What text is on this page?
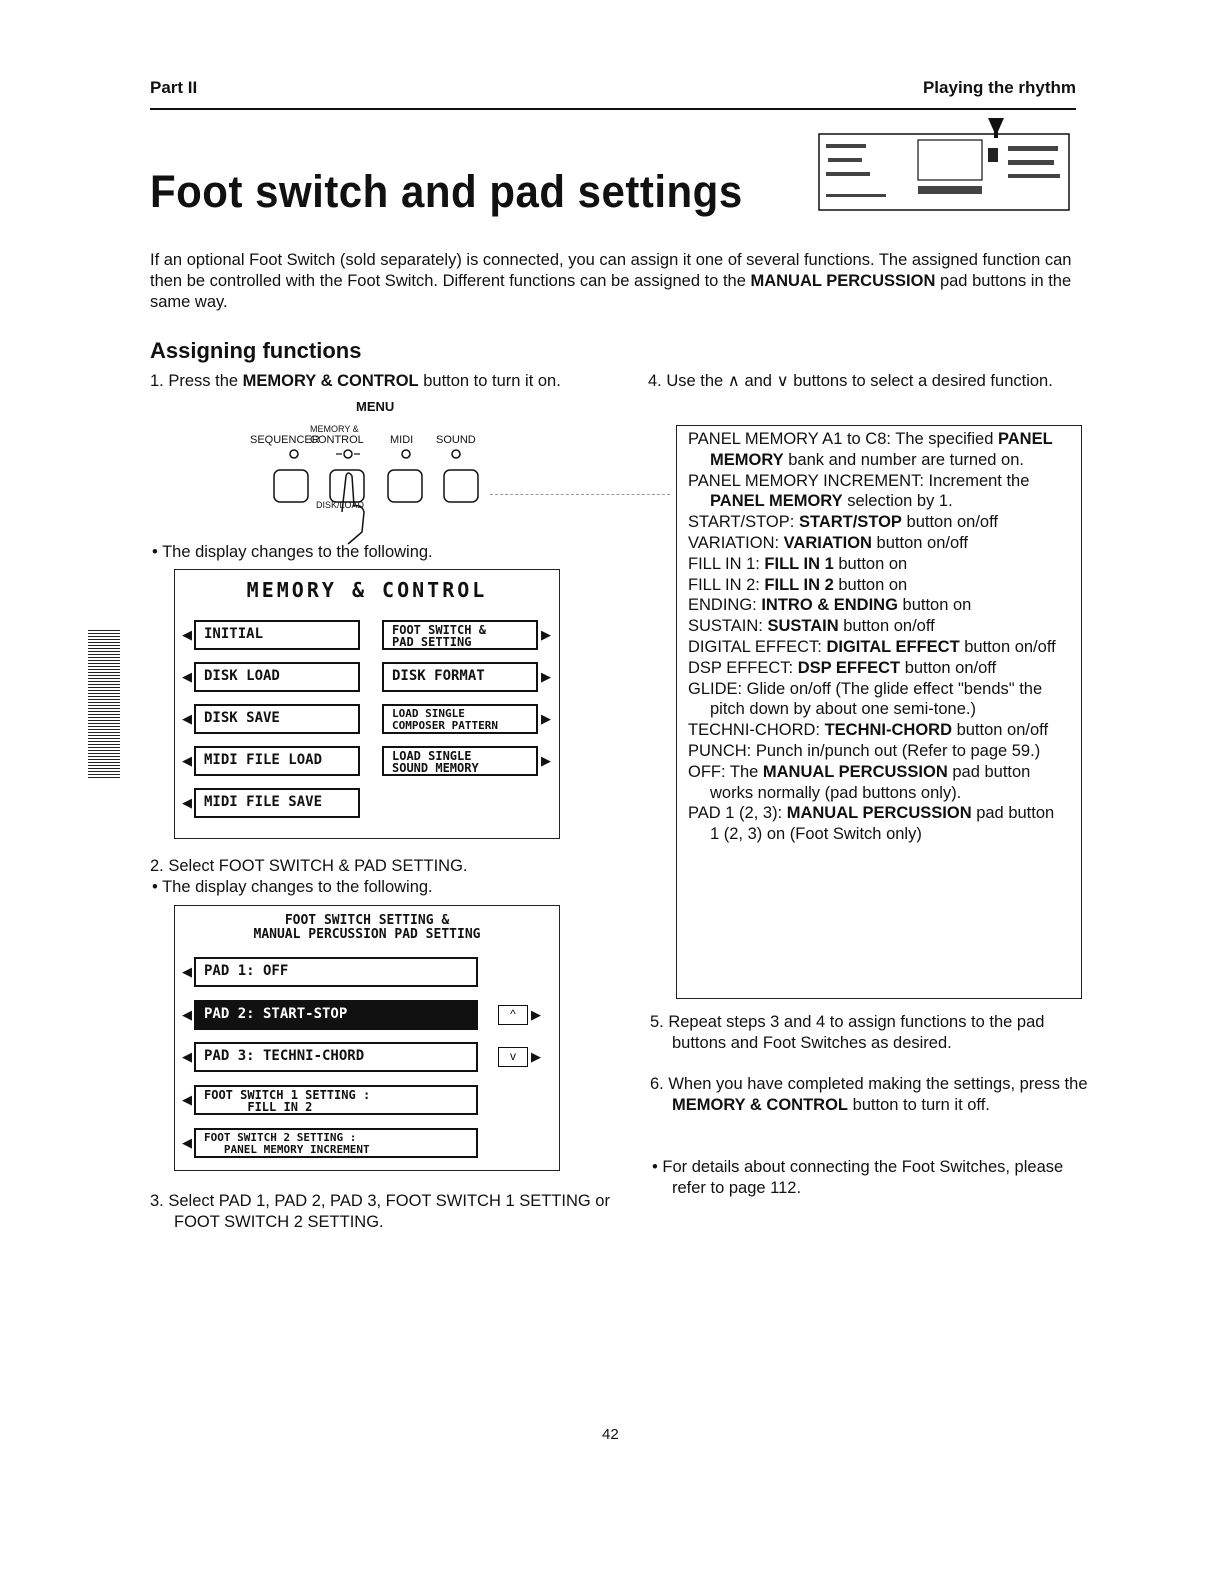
Part II	Playing the rhythm
Foot switch and pad settings
If an optional Foot Switch (sold separately) is connected, you can assign it one of several functions. The assigned function can then be controlled with the Foot Switch. Different functions can be assigned to the MANUAL PERCUSSION pad buttons in the same way.
Assigning functions
1. Press the MEMORY & CONTROL button to turn it on.
MENU
MEMORY &
SEQUENCER
CONTROL MIDI SOUND
DISK/LOAD
• The display changes to the following.
MEMORY & CONTROL
◀ INITIAL
◀ DISK LOAD
◀ DISK SAVE
◀ MIDI FILE LOAD
◀ MIDI FILE SAVE
FOOT SWITCH &
PAD SETTING	▶
DISK FORMAT	▶
LOAD SINGLE
COMPOSER PATTERN	▶
LOAD SINGLE
SOUND MEMORY	▶
2. Select FOOT SWITCH & PAD SETTING.
• The display changes to the following.
FOOT SWITCH SETTING &
MANUAL PERCUSSION PAD SETTING
◀ PAD 1: OFF
◀ PAD 2: START-STOP	^	▶
◀ PAD 3: TECHNI-CHORD	v	▶
◀	FOOT SWITCH 1 SETTING :
FILL IN 2
◀	FOOT SWITCH 2 SETTING :
PANEL MEMORY INCREMENT
3. Select PAD 1, PAD 2, PAD 3, FOOT SWITCH 1 SETTING or FOOT SWITCH 2 SETTING.
4. Use the ∧ and ∨ buttons to select a desired function.

PANEL MEMORY A1 to C8: The specified PANEL MEMORY bank and number are turned on.

PANEL MEMORY INCREMENT: Increment the PANEL MEMORY selection by 1.

START/STOP: START/STOP button on/off

VARIATION: VARIATION button on/off

FILL IN 1: FILL IN 1 button on

FILL IN 2: FILL IN 2 button on

ENDING: INTRO & ENDING button on

SUSTAIN: SUSTAIN button on/off

DIGITAL EFFECT: DIGITAL EFFECT button on/off

DSP EFFECT: DSP EFFECT button on/off

GLIDE: Glide on/off (The glide effect "bends" the pitch down by about one semi-tone.)

TECHNI-CHORD: TECHNI-CHORD button on/off

PUNCH: Punch in/punch out (Refer to page 59.)

OFF: The MANUAL PERCUSSION pad button works normally (pad buttons only).

PAD 1 (2, 3): MANUAL PERCUSSION pad button 1 (2, 3) on (Foot Switch only)

5. Repeat steps 3 and 4 to assign functions to the pad buttons and Foot Switches as desired.
6. When you have completed making the settings, press the MEMORY & CONTROL button to turn it off.
• For details about connecting the Foot Switches, please refer to page 112.
42
